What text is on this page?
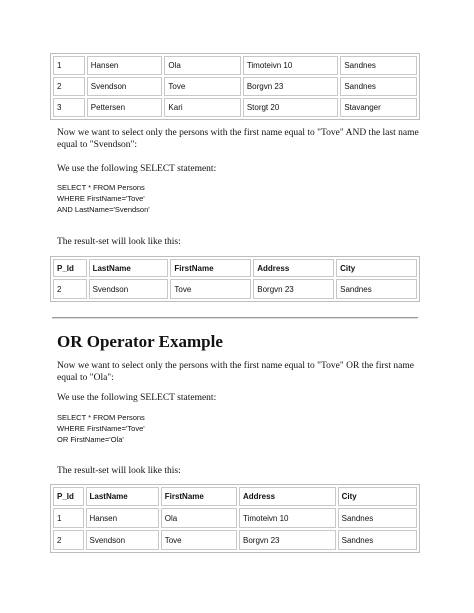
1	Hansen	Ola	Timoteivn 10	Sandnes
2	Svendson	Tove	Borgvn 23	Sandnes
3	Pettersen	Kari	Storgt 20	Stavanger

Now we want to select only the persons with the first name equal to "Tove" AND the last name equal to "Svendson":

We use the following SELECT statement:

SELECT * FROM Persons
WHERE FirstName='Tove'
AND LastName='Svendson'

The result-set will look like this:

P_Id	LastName	FirstName	Address	City
2	Svendson	Tove	Borgvn 23	Sandnes
OR Operator Example

Now we want to select only the persons with the first name equal to "Tove" OR the first name equal to "Ola":

We use the following SELECT statement:

SELECT * FROM Persons
WHERE FirstName='Tove'
OR FirstName='Ola'

The result-set will look like this:

P_Id	LastName	FirstName	Address	City
1	Hansen	Ola	Timoteivn 10	Sandnes
2	Svendson	Tove	Borgvn 23	Sandnes
